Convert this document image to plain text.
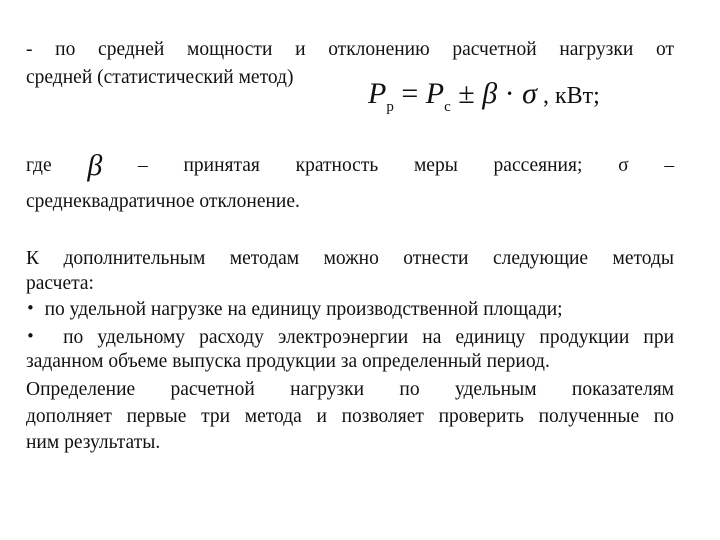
- по средней мощности и отклонению расчетной нагрузки от
средней (статистический метод)	$P_р = P_с \pm \beta \cdot \sigma$ , кВт;
где β – принятая кратность меры рассеяния; σ –
среднеквадратичное отклонение.
К дополнительным методам можно отнести следующие методы
расчета:
• по удельной нагрузке на единицу производственной площади;
• по удельному расходу электроэнергии на единицу продукции при
заданном объеме выпуска продукции за определенный период.
Определение расчетной нагрузки по удельным показателям
дополняет первые три метода и позволяет проверить полученные по
ним результаты.
